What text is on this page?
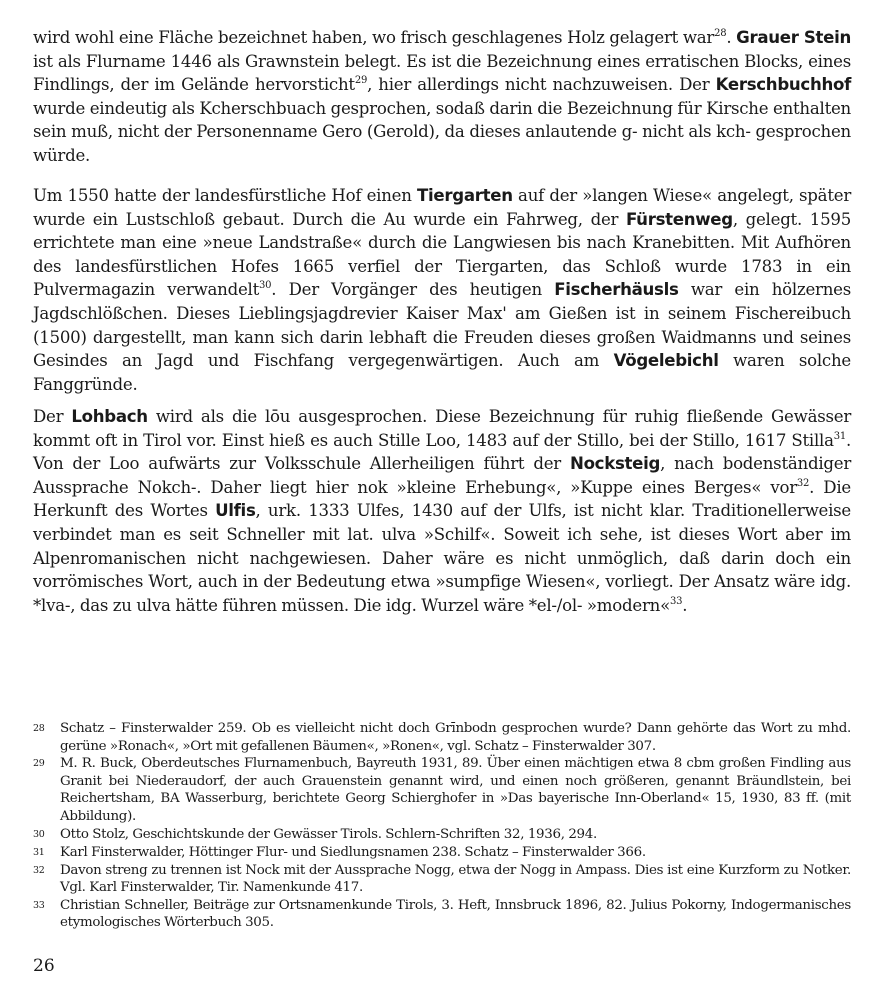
wird wohl eine Fläche bezeichnet haben, wo frisch geschlagenes Holz gelagert war$^{28}$. Grauer Stein ist als Flurname 1446 als Grawnstein belegt. Es ist die Bezeichnung eines erratischen Blocks, eines Findlings, der im Gelände hervorsticht$^{29}$, hier allerdings nicht nachzuweisen. Der Kerschbuchhof wurde eindeutig als Kcherschbuach gesprochen, sodaß darin die Bezeichnung für Kirsche enthalten sein muß, nicht der Personenname Gero (Gerold), da dieses anlautende g- nicht als kch- gesprochen würde.

Um 1550 hatte der landesfürstliche Hof einen Tiergarten auf der »langen Wiese« angelegt, später wurde ein Lustschloß gebaut. Durch die Au wurde ein Fahrweg, der Fürstenweg, gelegt. 1595 errichtete man eine »neue Landstraße« durch die Langwiesen bis nach Kranebitten. Mit Aufhören des landesfürstlichen Hofes 1665 verfiel der Tiergarten, das Schloß wurde 1783 in ein Pulvermagazin verwandelt$^{30}$. Der Vorgänger des heutigen Fischerhäusls war ein hölzernes Jagdschlößchen. Dieses Lieblingsjagdrevier Kaiser Max' am Gießen ist in seinem Fischereibuch (1500) dargestellt, man kann sich darin lebhaft die Freuden dieses großen Waidmanns und seines Gesindes an Jagd und Fischfang vergegenwärtigen. Auch am Vögelebichl waren solche Fanggründe.

Der Lohbach wird als die lōu ausgesprochen. Diese Bezeichnung für ruhig fließende Gewässer kommt oft in Tirol vor. Einst hieß es auch Stille Loo, 1483 auf der Stillo, bei der Stillo, 1617 Stilla$^{31}$. Von der Loo aufwärts zur Volksschule Allerheiligen führt der Nocksteig, nach bodenständiger Aussprache Nokch-. Daher liegt hier nok »kleine Erhebung«, »Kuppe eines Berges« vor$^{32}$. Die Herkunft des Wortes Ulfis, urk. 1333 Ulfes, 1430 auf der Ulfs, ist nicht klar. Traditionellerweise verbindet man es seit Schneller mit lat. ulva »Schilf«. Soweit ich sehe, ist dieses Wort aber im Alpenromanischen nicht nachgewiesen. Daher wäre es nicht unmöglich, daß darin doch ein vorrömisches Wort, auch in der Bedeutung etwa »sumpfige Wiesen«, vorliegt. Der Ansatz wäre idg. *lva-, das zu ulva hätte führen müssen. Die idg. Wurzel wäre *el-/ol- »modern«$^{33}$.

28	Schatz – Finsterwalder 259. Ob es vielleicht nicht doch Grīnbodn gesprochen wurde? Dann gehörte das Wort zu mhd. gerüne »Ronach«, »Ort mit gefallenen Bäumen«, »Ronen«, vgl. Schatz – Finsterwalder 307.
29	M. R. Buck, Oberdeutsches Flurnamenbuch, Bayreuth 1931, 89. Über einen mächtigen etwa 8 cbm großen Findling aus Granit bei Niederaudorf, der auch Grauenstein genannt wird, und einen noch größeren, genannt Bräundlstein, bei Reichertsham, BA Wasserburg, berichtete Georg Schierghofer in »Das bayerische Inn-Oberland« 15, 1930, 83 ff. (mit Abbildung).
30	Otto Stolz, Geschichtskunde der Gewässer Tirols. Schlern-Schriften 32, 1936, 294.
31	Karl Finsterwalder, Höttinger Flur- und Siedlungsnamen 238. Schatz – Finsterwalder 366.
32	Davon streng zu trennen ist Nock mit der Aussprache Nogg, etwa der Nogg in Ampass. Dies ist eine Kurzform zu Notker. Vgl. Karl Finsterwalder, Tir. Namenkunde 417.
33	Christian Schneller, Beiträge zur Ortsnamenkunde Tirols, 3. Heft, Innsbruck 1896, 82. Julius Pokorny, Indogermanisches etymologisches Wörterbuch 305.
26
